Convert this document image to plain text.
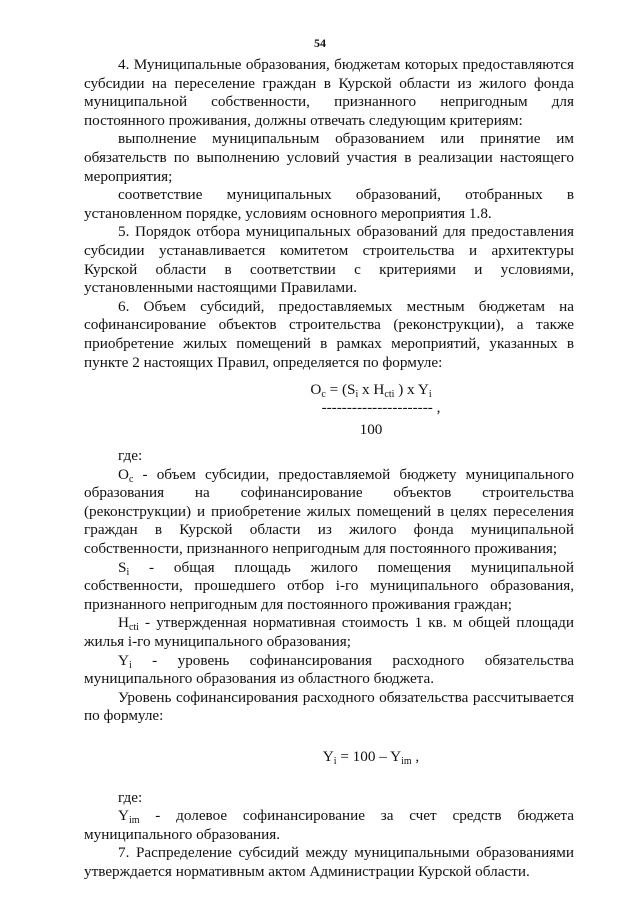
54

4. Муниципальные образования, бюджетам которых предоставляются субсидии на переселение граждан в Курской области из жилого фонда муниципальной собственности, признанного непригодным для постоянного проживания, должны отвечать следующим критериям:

выполнение муниципальным образованием или принятие им обязательств по выполнению условий участия в реализации настоящего мероприятия;

соответствие муниципальных образований, отобранных в установленном порядке, условиям основного мероприятия 1.8.

5. Порядок отбора муниципальных образований для предоставления субсидии устанавливается комитетом строительства и архитектуры Курской области в соответствии с критериями и условиями, установленными настоящими Правилами.

6. Объем субсидий, предоставляемых местным бюджетам на софинансирование объектов строительства (реконструкции), а также приобретение жилых помещений в рамках мероприятий, указанных в пункте 2 настоящих Правил, определяется по формуле:

$O_c = (S_i$ x $H_{cti}$ ) x $Y_i$
---------------------- ,
100

где:

$O_c$ - объем субсидии, предоставляемой бюджету муниципального образования на софинансирование объектов строительства (реконструкции) и приобретение жилых помещений в целях переселения граждан в Курской области из жилого фонда муниципальной собственности, признанного непригодным для постоянного проживания;

$S_i$ - общая площадь жилого помещения муниципальной собственности, прошедшего отбор i-го муниципального образования, признанного непригодным для постоянного проживания граждан;

$H_{cti}$ - утвержденная нормативная стоимость 1 кв. м общей площади жилья i-го муниципального образования;

$Y_i$ - уровень софинансирования расходного обязательства муниципального образования из областного бюджета.

Уровень софинансирования расходного обязательства рассчитывается по формуле:

$Y_i = 100 - Y_{im}$ ,

где:

$Y_{im}$ - долевое софинансирование за счет средств бюджета муниципального образования.

7. Распределение субсидий между муниципальными образованиями утверждается нормативным актом Администрации Курской области.
